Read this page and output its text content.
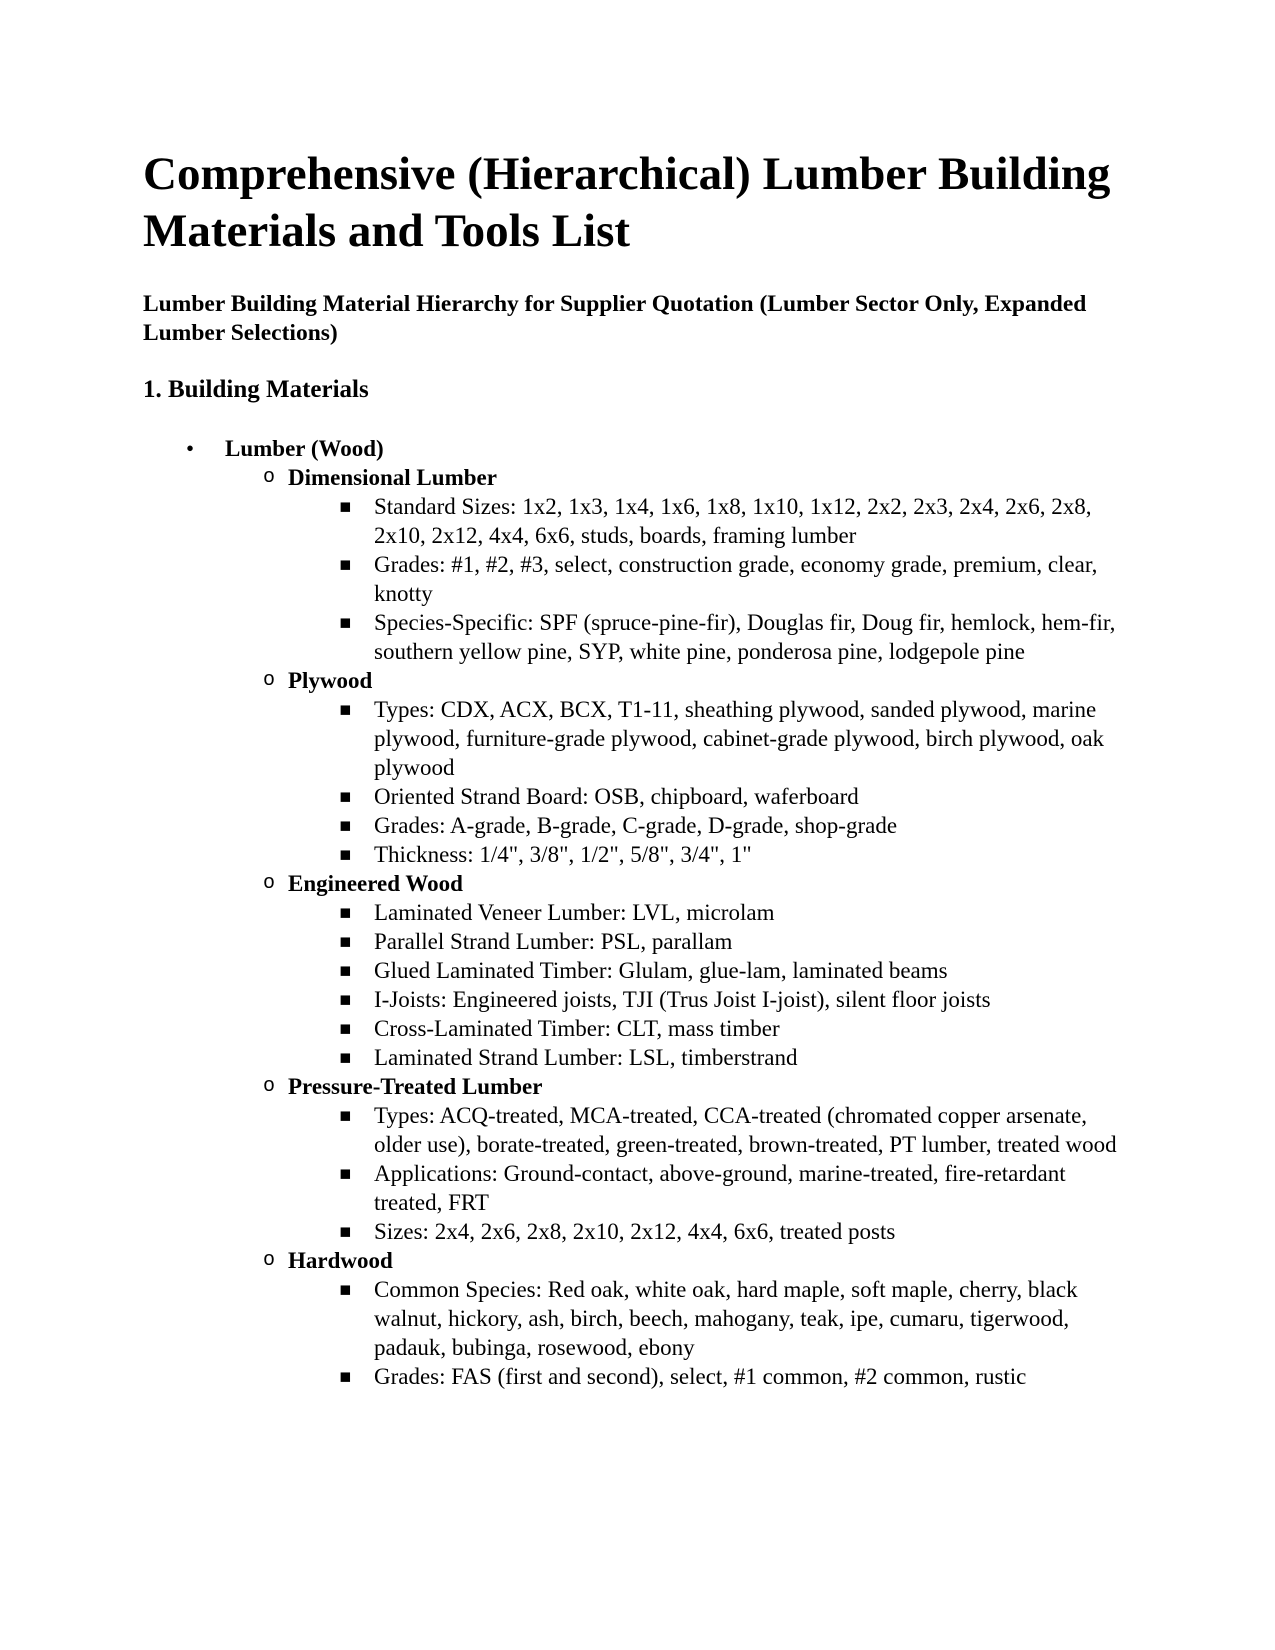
Comprehensive (Hierarchical) Lumber Building Materials and Tools List

Lumber Building Material Hierarchy for Supplier Quotation (Lumber Sector Only, Expanded Lumber Selections)

1. Building Materials
• Lumber (Wood)
o Dimensional Lumber
▪ Standard Sizes: 1x2, 1x3, 1x4, 1x6, 1x8, 1x10, 1x12, 2x2, 2x3, 2x4, 2x6, 2x8, 2x10, 2x12, 4x4, 6x6, studs, boards, framing lumber
▪ Grades: #1, #2, #3, select, construction grade, economy grade, premium, clear, knotty
▪ Species-Specific: SPF (spruce-pine-fir), Douglas fir, Doug fir, hemlock, hem-fir, southern yellow pine, SYP, white pine, ponderosa pine, lodgepole pine
o Plywood
▪ Types: CDX, ACX, BCX, T1-11, sheathing plywood, sanded plywood, marine plywood, furniture-grade plywood, cabinet-grade plywood, birch plywood, oak plywood
▪ Oriented Strand Board: OSB, chipboard, waferboard
▪ Grades: A-grade, B-grade, C-grade, D-grade, shop-grade
▪ Thickness: 1/4", 3/8", 1/2", 5/8", 3/4", 1"
o Engineered Wood
▪ Laminated Veneer Lumber: LVL, microlam
▪ Parallel Strand Lumber: PSL, parallam
▪ Glued Laminated Timber: Glulam, glue-lam, laminated beams
▪ I-Joists: Engineered joists, TJI (Trus Joist I-joist), silent floor joists
▪ Cross-Laminated Timber: CLT, mass timber
▪ Laminated Strand Lumber: LSL, timberstrand
o Pressure-Treated Lumber
▪ Types: ACQ-treated, MCA-treated, CCA-treated (chromated copper arsenate, older use), borate-treated, green-treated, brown-treated, PT lumber, treated wood
▪ Applications: Ground-contact, above-ground, marine-treated, fire-retardant treated, FRT
▪ Sizes: 2x4, 2x6, 2x8, 2x10, 2x12, 4x4, 6x6, treated posts
o Hardwood
▪ Common Species: Red oak, white oak, hard maple, soft maple, cherry, black walnut, hickory, ash, birch, beech, mahogany, teak, ipe, cumaru, tigerwood, padauk, bubinga, rosewood, ebony
▪ Grades: FAS (first and second), select, #1 common, #2 common, rustic
